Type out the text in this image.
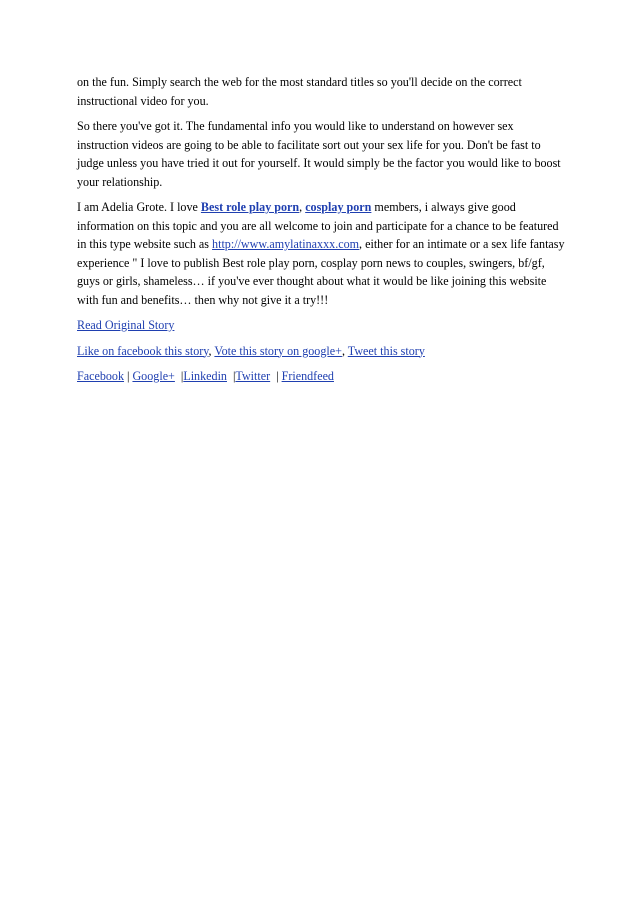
on the fun. Simply search the web for the most standard titles so you'll decide on the correct instructional video for you.

So there you've got it. The fundamental info you would like to understand on however sex instruction videos are going to be able to facilitate sort out your sex life for you. Don't be fast to judge unless you have tried it out for yourself. It would simply be the factor you would like to boost your relationship.

I am Adelia Grote. I love Best role play porn, cosplay porn members, i always give good information on this topic and you are all welcome to join and participate for a chance to be featured in this type website such as http://www.amylatinaxxx.com, either for an intimate or a sex life fantasy experience " I love to publish Best role play porn, cosplay porn news to couples, swingers, bf/gf, guys or girls, shameless… if you've ever thought about what it would be like joining this website with fun and benefits… then why not give it a try!!!

Read Original Story

Like on facebook this story, Vote this story on google+, Tweet this story

Facebook | Google+ |Linkedin |Twitter | Friendfeed
